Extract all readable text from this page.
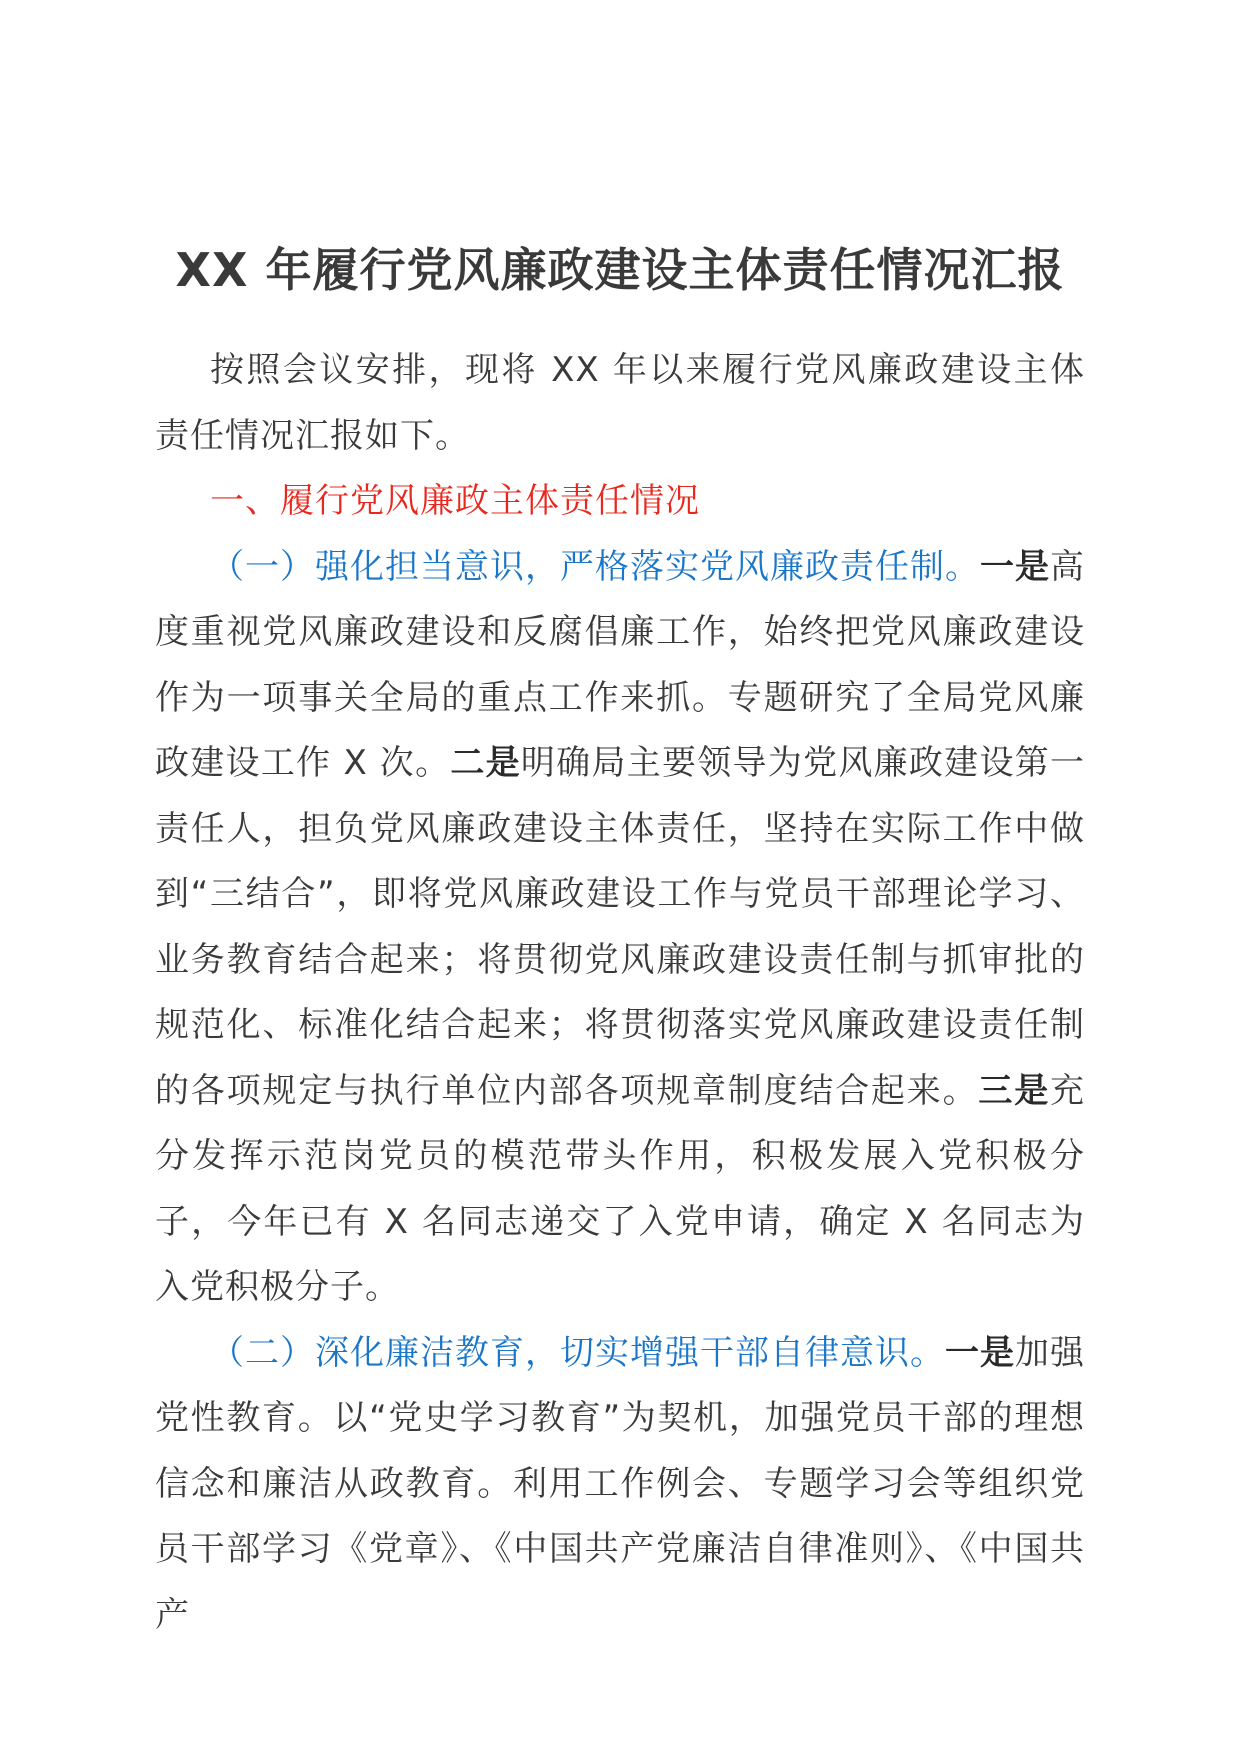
XX 年履行党风廉政建设主体责任情况汇报

按照会议安排，现将 XX 年以来履行党风廉政建设主体责任情况汇报如下。

一、履行党风廉政主体责任情况

（一）强化担当意识，严格落实党风廉政责任制。一是高度重视党风廉政建设和反腐倡廉工作，始终把党风廉政建设作为一项事关全局的重点工作来抓。专题研究了全局党风廉政建设工作 X 次。二是明确局主要领导为党风廉政建设第一责任人，担负党风廉政建设主体责任，坚持在实际工作中做到“三结合”，即将党风廉政建设工作与党员干部理论学习、业务教育结合起来；将贯彻党风廉政建设责任制与抓审批的规范化、标准化结合起来；将贯彻落实党风廉政建设责任制的各项规定与执行单位内部各项规章制度结合起来。三是充分发挥示范岗党员的模范带头作用，积极发展入党积极分子，今年已有 X 名同志递交了入党申请，确定 X 名同志为入党积极分子。

（二）深化廉洁教育，切实增强干部自律意识。一是加强党性教育。以“党史学习教育”为契机，加强党员干部的理想信念和廉洁从政教育。利用工作例会、专题学习会等组织党员干部学习《党章》、《中国共产党廉洁自律准则》、《中国共产
